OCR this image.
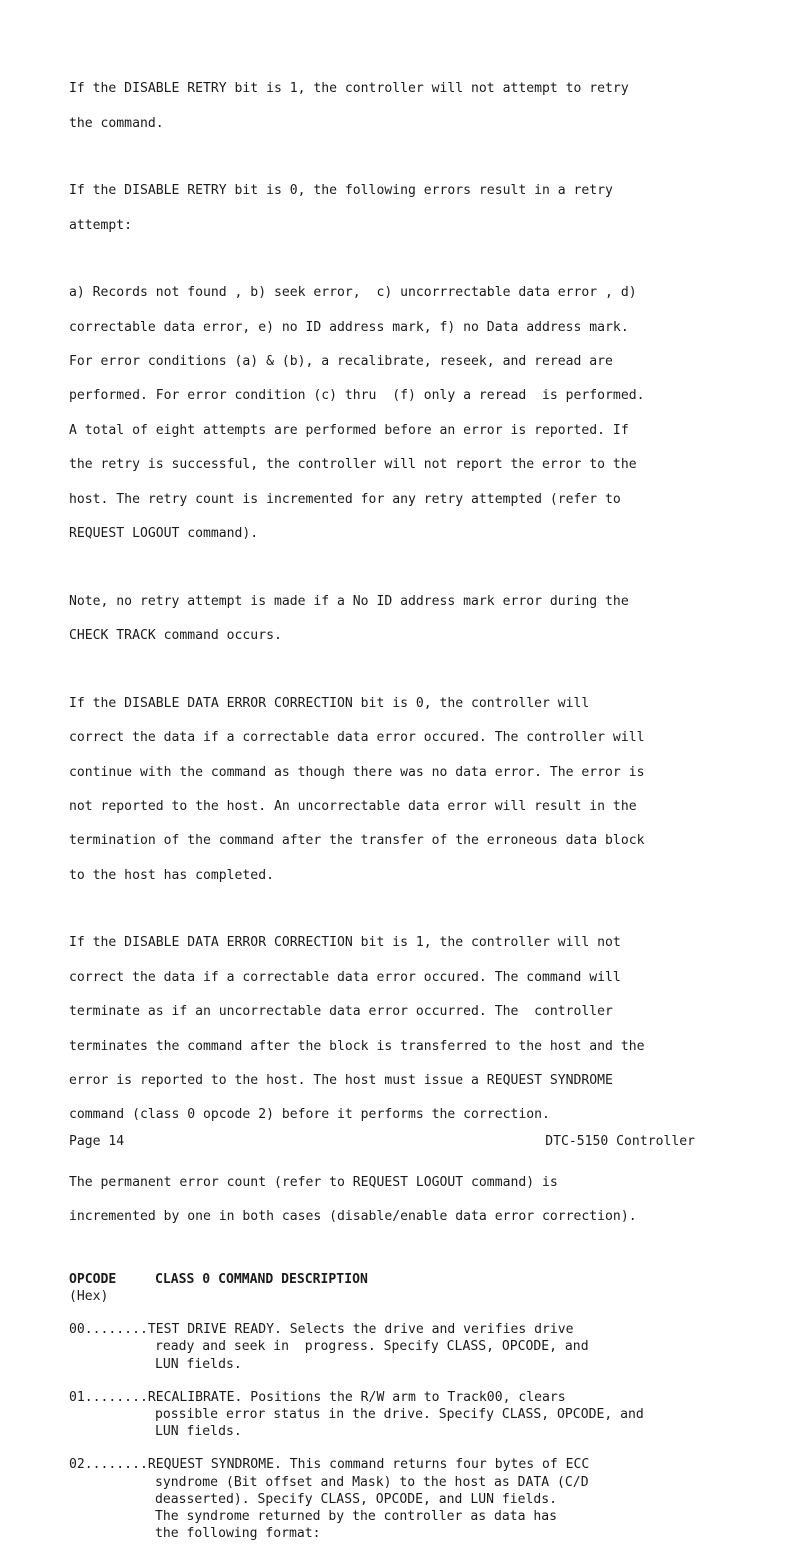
If the DISABLE RETRY bit is 1, the controller will not attempt to retry

the command.

If the DISABLE RETRY bit is 0, the following errors result in a retry

attempt:

a) Records not found , b) seek error,  c) uncorrrectable data error , d)

correctable data error, e) no ID address mark, f) no Data address mark.

For error conditions (a) & (b), a recalibrate, reseek, and reread are

performed. For error condition (c) thru  (f) only a reread  is performed.

A total of eight attempts are performed before an error is reported. If

the retry is successful, the controller will not report the error to the

host. The retry count is incremented for any retry attempted (refer to

REQUEST LOGOUT command).

Note, no retry attempt is made if a No ID address mark error during the

CHECK TRACK command occurs.

If the DISABLE DATA ERROR CORRECTION bit is 0, the controller will

correct the data if a correctable data error occured. The controller will

continue with the command as though there was no data error. The error is

not reported to the host. An uncorrectable data error will result in the

termination of the command after the transfer of the erroneous data block

to the host has completed.

If the DISABLE DATA ERROR CORRECTION bit is 1, the controller will not

correct the data if a correctable data error occured. The command will

terminate as if an uncorrectable data error occurred. The  controller

terminates the command after the block is transferred to the host and the

error is reported to the host. The host must issue a REQUEST SYNDROME

command (class 0 opcode 2) before it performs the correction.

The permanent error count (refer to REQUEST LOGOUT command) is

incremented by one in both cases (disable/enable data error correction).

OPCODE	CLASS 0 COMMAND DESCRIPTION
(Hex)
00........TEST DRIVE READY. Selects the drive and verifies drive
ready and seek in  progress. Specify CLASS, OPCODE, and
LUN fields.
01........RECALIBRATE. Positions the R/W arm to Track00, clears
possible error status in the drive. Specify CLASS, OPCODE, and
LUN fields.
02........REQUEST SYNDROME. This command returns four bytes of ECC
syndrome (Bit offset and Mask) to the host as DATA (C/D
deasserted). Specify CLASS, OPCODE, and LUN fields.
The syndrome returned by the controller as data has
the following format:
Page 14	DTC-5150 Controller
